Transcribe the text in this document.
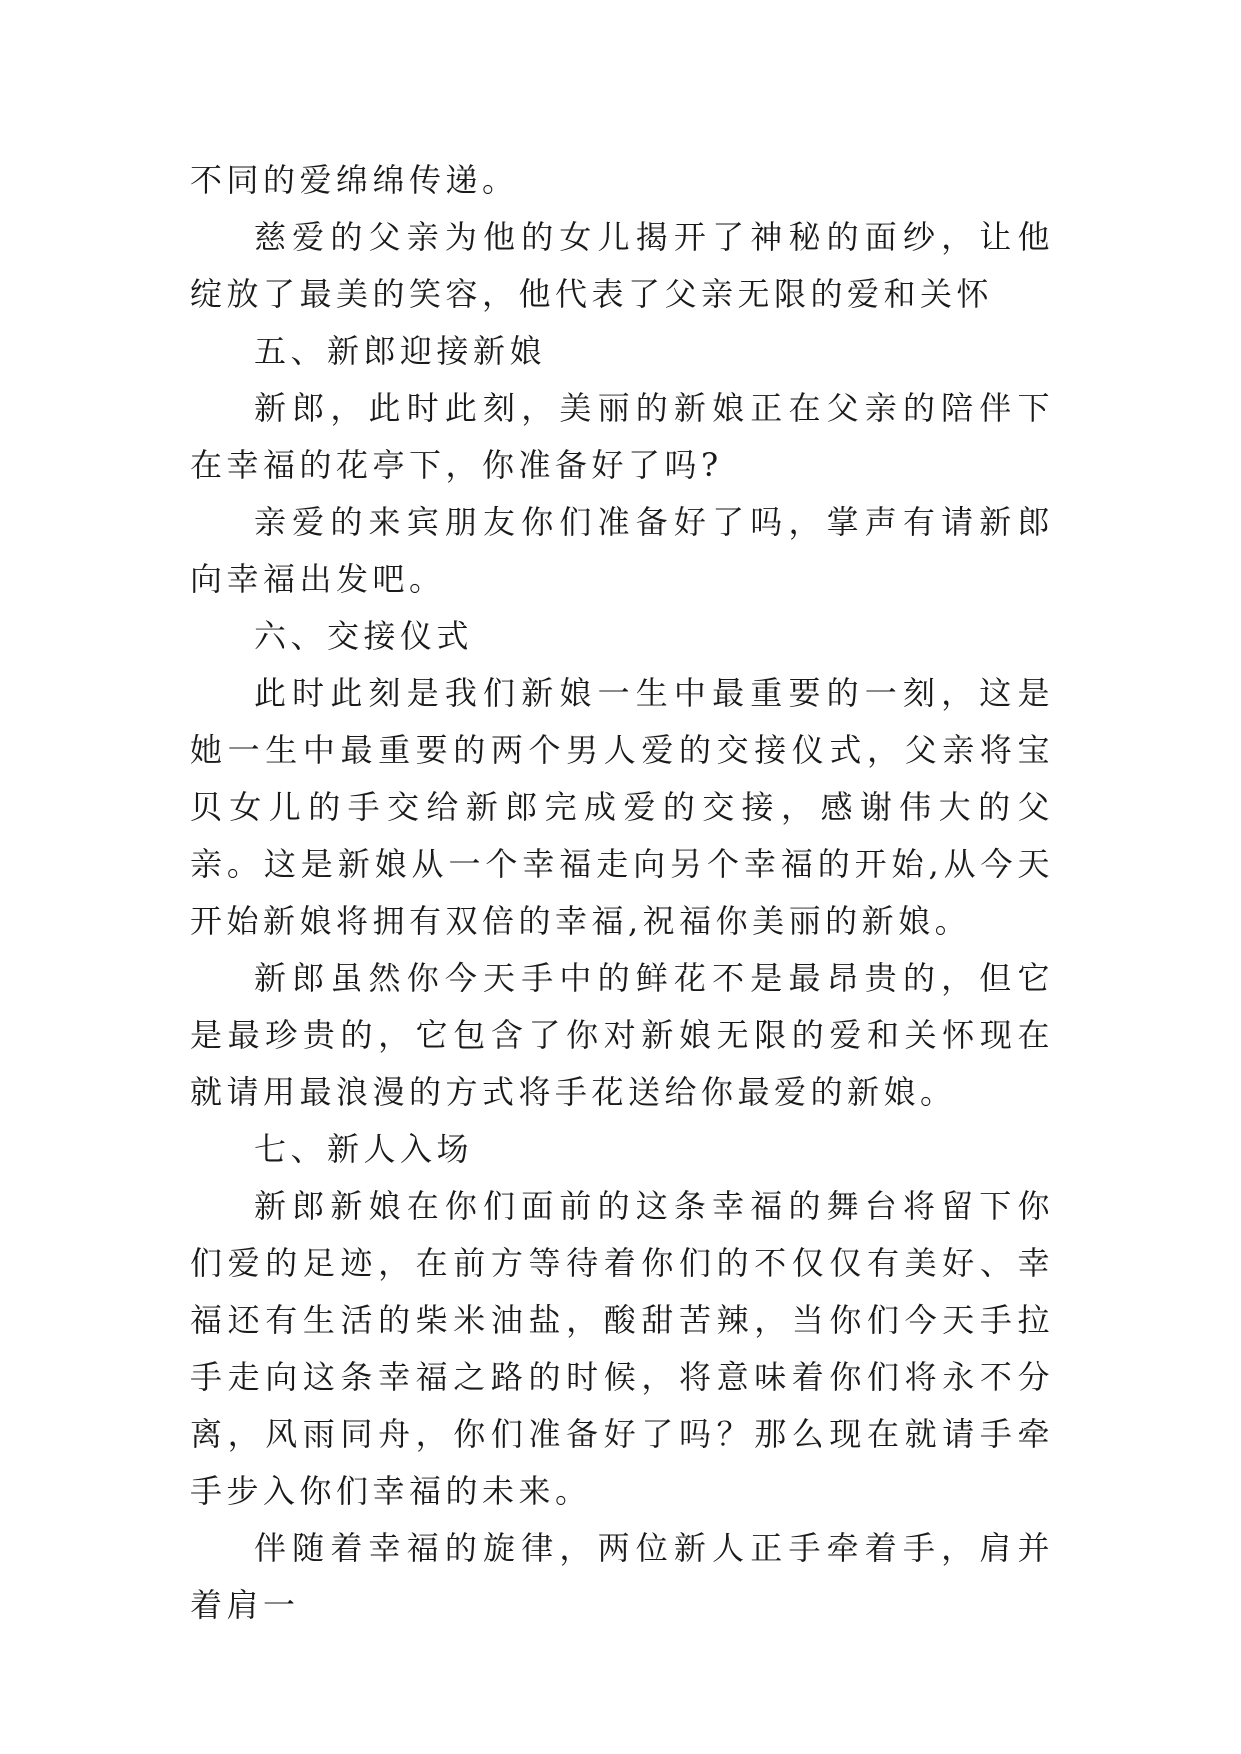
不同的爱绵绵传递。

慈爱的父亲为他的女儿揭开了神秘的面纱，让他绽放了最美的笑容，他代表了父亲无限的爱和关怀

五、新郎迎接新娘

新郎，此时此刻，美丽的新娘正在父亲的陪伴下在幸福的花亭下，你准备好了吗?

亲爱的来宾朋友你们准备好了吗，掌声有请新郎向幸福出发吧。

六、交接仪式

此时此刻是我们新娘一生中最重要的一刻，这是她一生中最重要的两个男人爱的交接仪式，父亲将宝贝女儿的手交给新郎完成爱的交接，感谢伟大的父亲。这是新娘从一个幸福走向另个幸福的开始,从今天开始新娘将拥有双倍的幸福,祝福你美丽的新娘。

新郎虽然你今天手中的鲜花不是最昂贵的，但它是最珍贵的，它包含了你对新娘无限的爱和关怀现在就请用最浪漫的方式将手花送给你最爱的新娘。

七、新人入场

新郎新娘在你们面前的这条幸福的舞台将留下你们爱的足迹，在前方等待着你们的不仅仅有美好、幸福还有生活的柴米油盐，酸甜苦辣，当你们今天手拉手走向这条幸福之路的时候，将意味着你们将永不分离，风雨同舟，你们准备好了吗？那么现在就请手牵手步入你们幸福的未来。

伴随着幸福的旋律，两位新人正手牵着手，肩并着肩一
